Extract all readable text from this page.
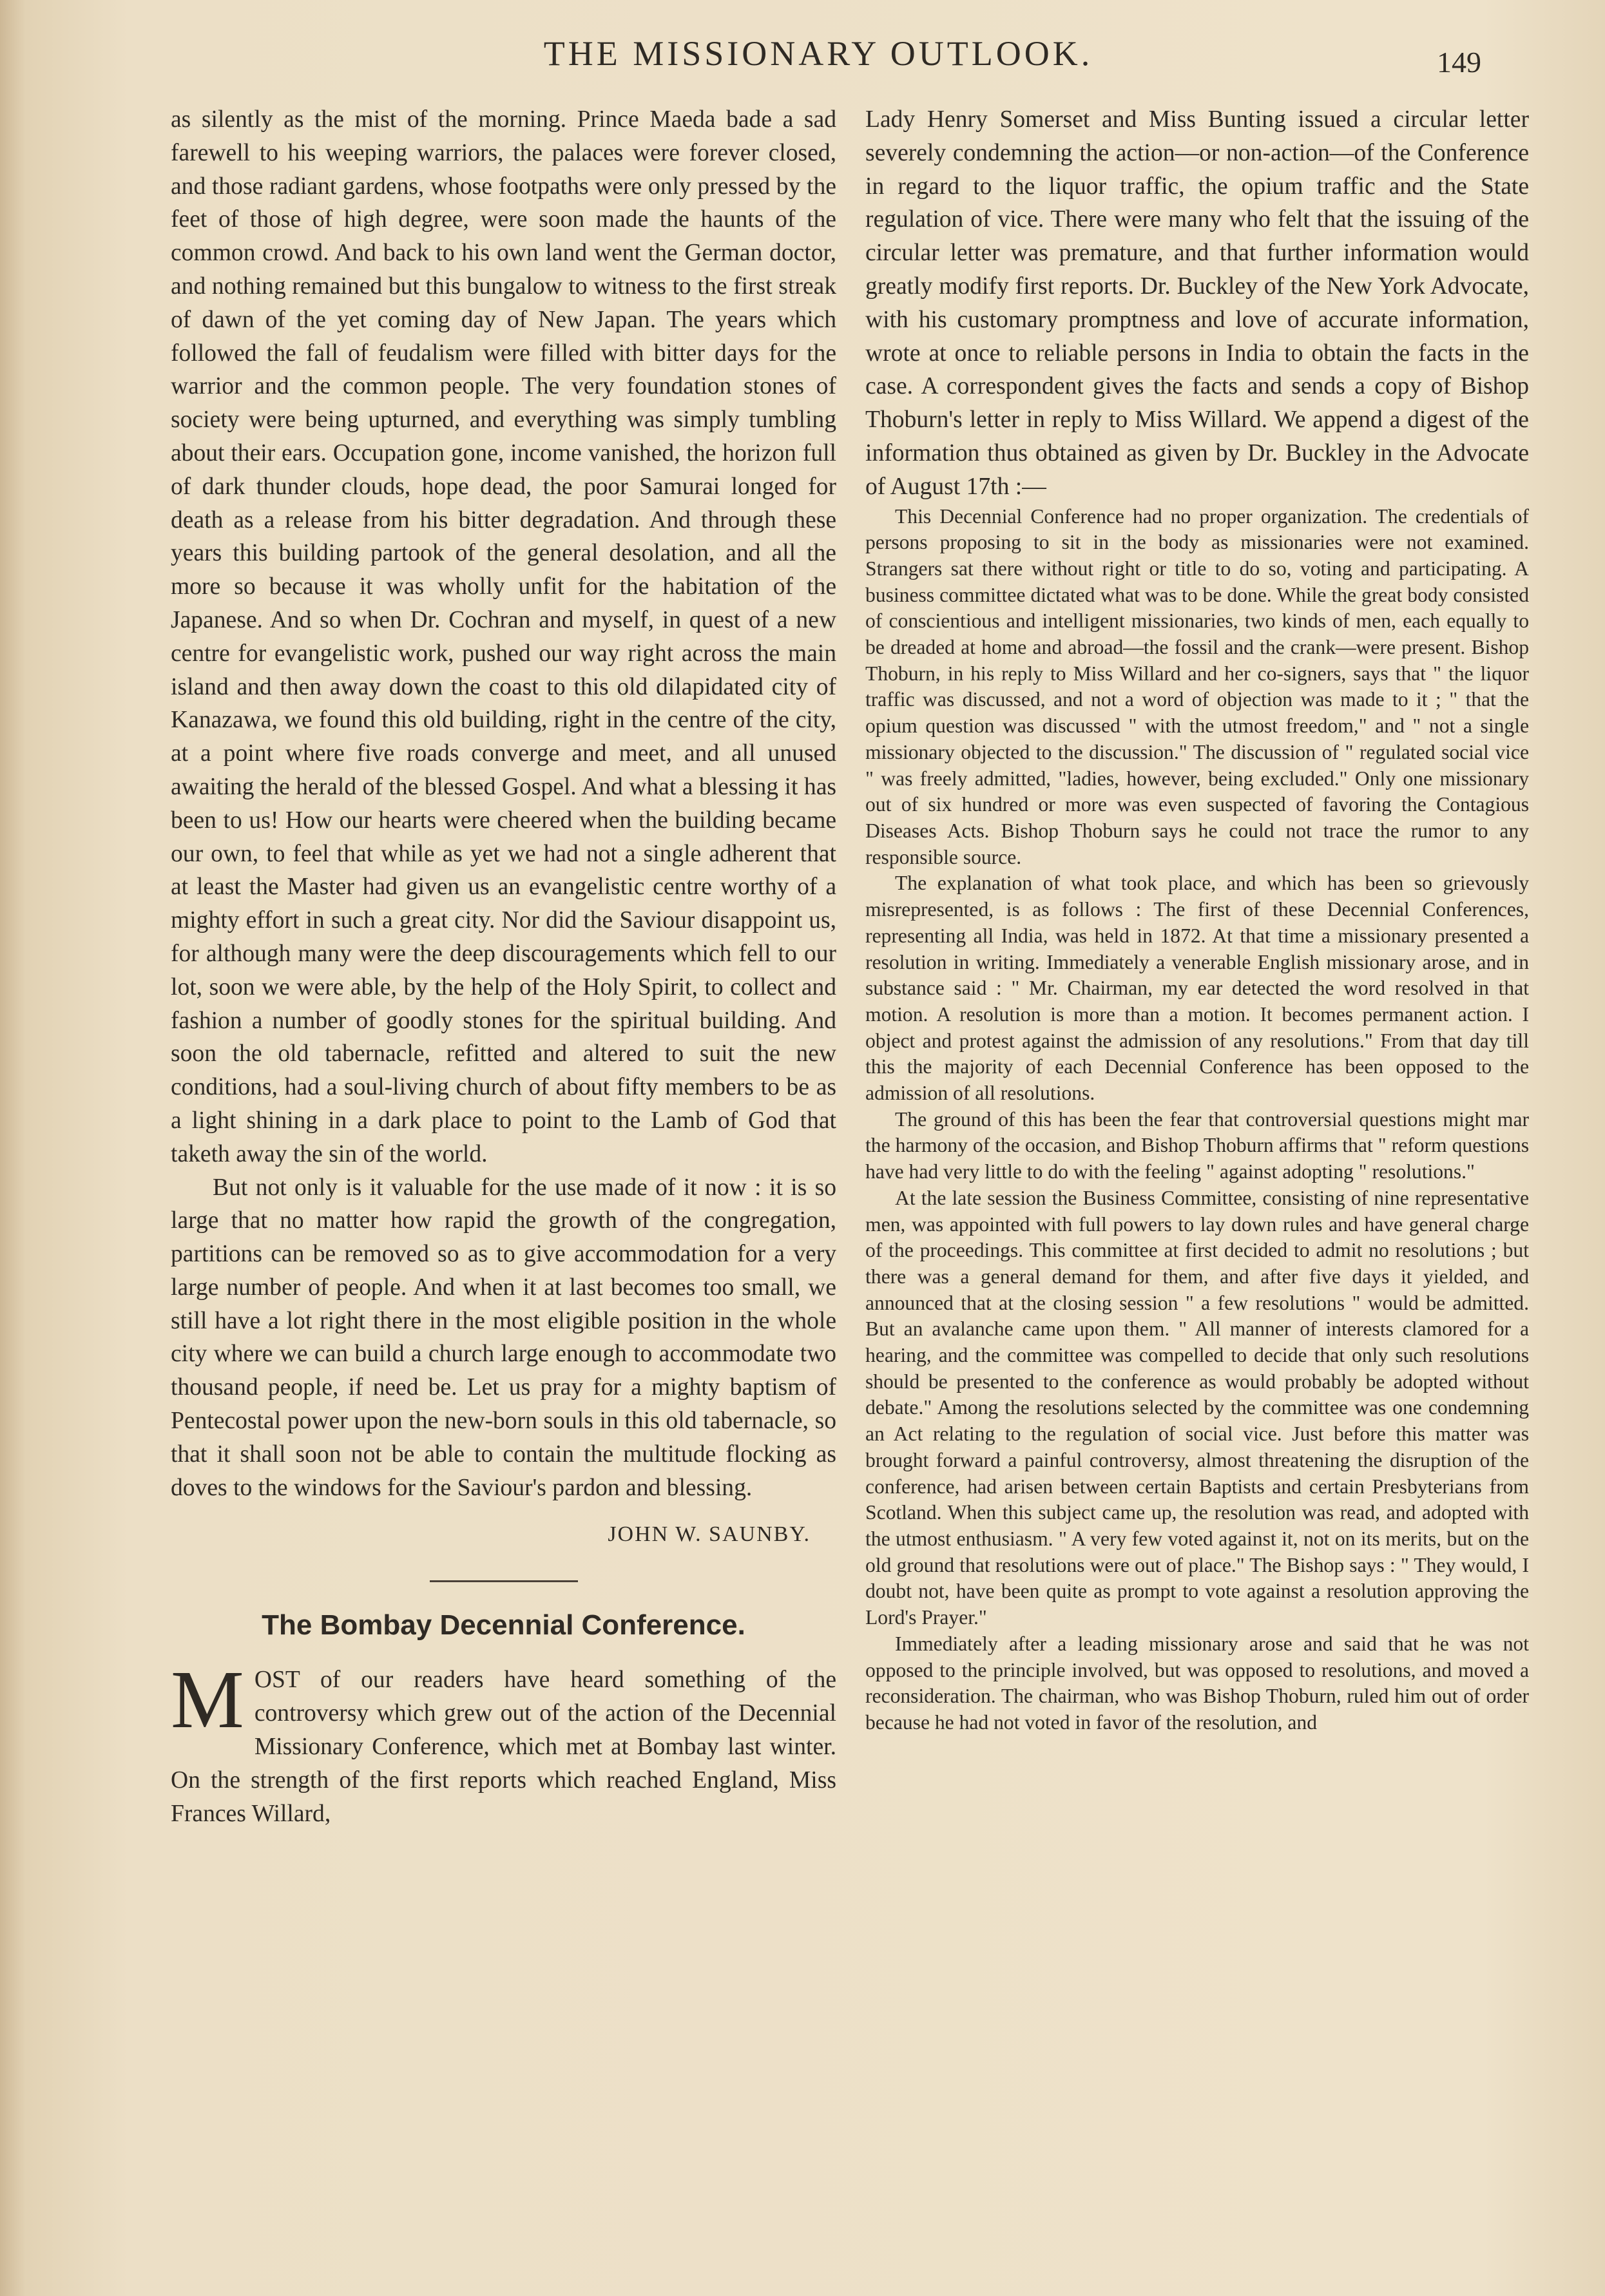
THE MISSIONARY OUTLOOK.	149

as silently as the mist of the morning. Prince Maeda bade a sad farewell to his weeping warriors, the palaces were forever closed, and those radiant gardens, whose footpaths were only pressed by the feet of those of high degree, were soon made the haunts of the common crowd. And back to his own land went the German doctor, and nothing remained but this bungalow to witness to the first streak of dawn of the yet coming day of New Japan. The years which followed the fall of feudalism were filled with bitter days for the warrior and the common people. The very foundation stones of society were being upturned, and everything was simply tumbling about their ears. Occupation gone, income vanished, the horizon full of dark thunder clouds, hope dead, the poor Samurai longed for death as a release from his bitter degradation. And through these years this building partook of the general desolation, and all the more so because it was wholly unfit for the habitation of the Japanese. And so when Dr. Cochran and myself, in quest of a new centre for evangelistic work, pushed our way right across the main island and then away down the coast to this old dilapidated city of Kanazawa, we found this old building, right in the centre of the city, at a point where five roads converge and meet, and all unused awaiting the herald of the blessed Gospel. And what a blessing it has been to us! How our hearts were cheered when the building became our own, to feel that while as yet we had not a single adherent that at least the Master had given us an evangelistic centre worthy of a mighty effort in such a great city. Nor did the Saviour disappoint us, for although many were the deep discouragements which fell to our lot, soon we were able, by the help of the Holy Spirit, to collect and fashion a number of goodly stones for the spiritual building. And soon the old tabernacle, refitted and altered to suit the new conditions, had a soul-living church of about fifty members to be as a light shining in a dark place to point to the Lamb of God that taketh away the sin of the world.

But not only is it valuable for the use made of it now : it is so large that no matter how rapid the growth of the congregation, partitions can be removed so as to give accommodation for a very large number of people. And when it at last becomes too small, we still have a lot right there in the most eligible position in the whole city where we can build a church large enough to accommodate two thousand people, if need be. Let us pray for a mighty baptism of Pentecostal power upon the new-born souls in this old tabernacle, so that it shall soon not be able to contain the multitude flocking as doves to the windows for the Saviour's pardon and blessing.

JOHN W. SAUNBY.

The Bombay Decennial Conference.

MOST of our readers have heard something of the controversy which grew out of the action of the Decennial Missionary Conference, which met at Bombay last winter. On the strength of the first reports which reached England, Miss Frances Willard,

Lady Henry Somerset and Miss Bunting issued a circular letter severely condemning the action—or non-action—of the Conference in regard to the liquor traffic, the opium traffic and the State regulation of vice. There were many who felt that the issuing of the circular letter was premature, and that further information would greatly modify first reports. Dr. Buckley of the New York Advocate, with his customary promptness and love of accurate information, wrote at once to reliable persons in India to obtain the facts in the case. A correspondent gives the facts and sends a copy of Bishop Thoburn's letter in reply to Miss Willard. We append a digest of the information thus obtained as given by Dr. Buckley in the Advocate of August 17th :—

This Decennial Conference had no proper organization. The credentials of persons proposing to sit in the body as missionaries were not examined. Strangers sat there without right or title to do so, voting and participating. A business committee dictated what was to be done. While the great body consisted of conscientious and intelligent missionaries, two kinds of men, each equally to be dreaded at home and abroad—the fossil and the crank—were present. Bishop Thoburn, in his reply to Miss Willard and her co-signers, says that " the liquor traffic was discussed, and not a word of objection was made to it ; " that the opium question was discussed " with the utmost freedom," and " not a single missionary objected to the discussion." The discussion of " regulated social vice " was freely admitted, "ladies, however, being excluded." Only one missionary out of six hundred or more was even suspected of favoring the Contagious Diseases Acts. Bishop Thoburn says he could not trace the rumor to any responsible source.

The explanation of what took place, and which has been so grievously misrepresented, is as follows : The first of these Decennial Conferences, representing all India, was held in 1872. At that time a missionary presented a resolution in writing. Immediately a venerable English missionary arose, and in substance said : " Mr. Chairman, my ear detected the word resolved in that motion. A resolution is more than a motion. It becomes permanent action. I object and protest against the admission of any resolutions." From that day till this the majority of each Decennial Conference has been opposed to the admission of all resolutions.

The ground of this has been the fear that controversial questions might mar the harmony of the occasion, and Bishop Thoburn affirms that " reform questions have had very little to do with the feeling " against adopting " resolutions."

At the late session the Business Committee, consisting of nine representative men, was appointed with full powers to lay down rules and have general charge of the proceedings. This committee at first decided to admit no resolutions ; but there was a general demand for them, and after five days it yielded, and announced that at the closing session " a few resolutions " would be admitted. But an avalanche came upon them. " All manner of interests clamored for a hearing, and the committee was compelled to decide that only such resolutions should be presented to the conference as would probably be adopted without debate." Among the resolutions selected by the committee was one condemning an Act relating to the regulation of social vice. Just before this matter was brought forward a painful controversy, almost threatening the disruption of the conference, had arisen between certain Baptists and certain Presbyterians from Scotland. When this subject came up, the resolution was read, and adopted with the utmost enthusiasm. " A very few voted against it, not on its merits, but on the old ground that resolutions were out of place." The Bishop says : " They would, I doubt not, have been quite as prompt to vote against a resolution approving the Lord's Prayer."

Immediately after a leading missionary arose and said that he was not opposed to the principle involved, but was opposed to resolutions, and moved a reconsideration. The chairman, who was Bishop Thoburn, ruled him out of order because he had not voted in favor of the resolution, and
